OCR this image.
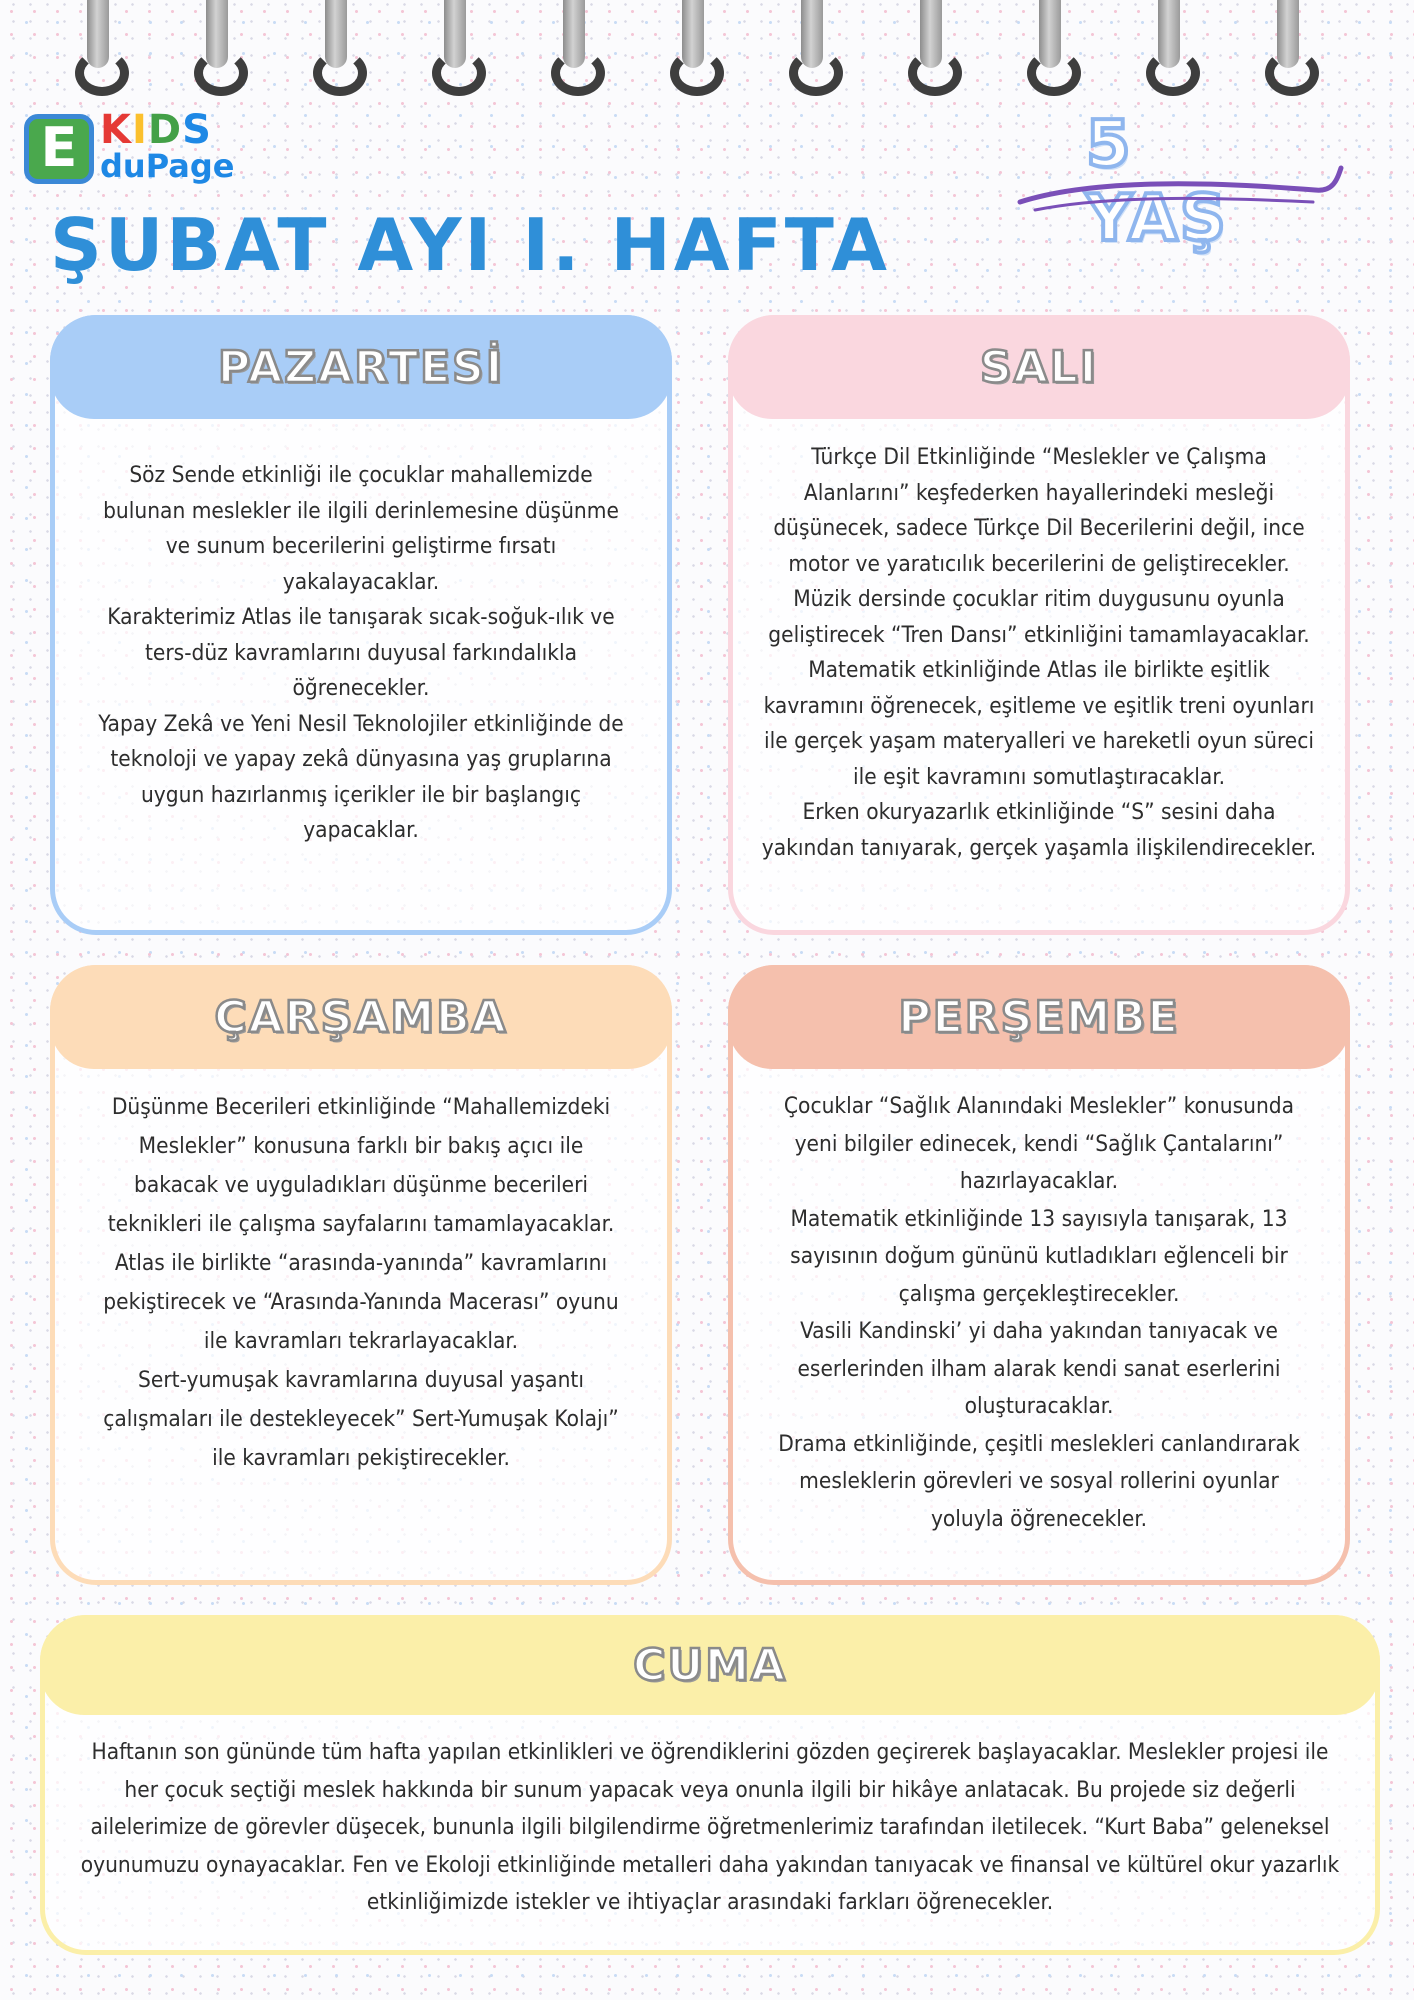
E KIDS
duPage	5 YAŞ
ŞUBAT AYI I. HAFTA
PAZARTESİ

Söz Sende etkinliği ile çocuklar mahallemizde bulunan meslekler ile ilgili derinlemesine düşünme ve sunum becerilerini geliştirme fırsatı yakalayacaklar.

Karakterimiz Atlas ile tanışarak sıcak-soğuk-ılık ve ters-düz kavramlarını duyusal farkındalıkla öğrenecekler.

Yapay Zekâ ve Yeni Nesil Teknolojiler etkinliğinde de teknoloji ve yapay zekâ dünyasına yaş gruplarına uygun hazırlanmış içerikler ile bir başlangıç yapacaklar.

SALI

Türkçe Dil Etkinliğinde “Meslekler ve Çalışma Alanlarını” keşfederken hayallerindeki mesleği düşünecek, sadece Türkçe Dil Becerilerini değil, ince motor ve yaratıcılık becerilerini de geliştirecekler.

Müzik dersinde çocuklar ritim duygusunu oyunla geliştirecek “Tren Dansı” etkinliğini tamamlayacaklar.

Matematik etkinliğinde Atlas ile birlikte eşitlik kavramını öğrenecek, eşitleme ve eşitlik treni oyunları ile gerçek yaşam materyalleri ve hareketli oyun süreci ile eşit kavramını somutlaştıracaklar.

Erken okuryazarlık etkinliğinde “S” sesini daha yakından tanıyarak, gerçek yaşamla ilişkilendirecekler.

ÇARŞAMBA

Düşünme Becerileri etkinliğinde “Mahallemizdeki Meslekler” konusuna farklı bir bakış açıcı ile bakacak ve uyguladıkları düşünme becerileri teknikleri ile çalışma sayfalarını tamamlayacaklar.

Atlas ile birlikte “arasında-yanında” kavramlarını pekiştirecek ve “Arasında-Yanında Macerası” oyunu ile kavramları tekrarlayacaklar.

Sert-yumuşak kavramlarına duyusal yaşantı çalışmaları ile destekleyecek” Sert-Yumuşak Kolajı” ile kavramları pekiştirecekler.

PERŞEMBE

Çocuklar “Sağlık Alanındaki Meslekler” konusunda yeni bilgiler edinecek, kendi “Sağlık Çantalarını” hazırlayacaklar.

Matematik etkinliğinde 13 sayısıyla tanışarak, 13 sayısının doğum gününü kutladıkları eğlenceli bir çalışma gerçekleştirecekler.

Vasili Kandinski’ yi daha yakından tanıyacak ve eserlerinden ilham alarak kendi sanat eserlerini oluşturacaklar.

Drama etkinliğinde, çeşitli meslekleri canlandırarak mesleklerin görevleri ve sosyal rollerini oyunlar yoluyla öğrenecekler.

CUMA

Haftanın son gününde tüm hafta yapılan etkinlikleri ve öğrendiklerini gözden geçirerek başlayacaklar. Meslekler projesi ile her çocuk seçtiği meslek hakkında bir sunum yapacak veya onunla ilgili bir hikâye anlatacak. Bu projede siz değerli ailelerimize de görevler düşecek, bununla ilgili bilgilendirme öğretmenlerimiz tarafından iletilecek. “Kurt Baba” geleneksel oyunumuzu oynayacaklar. Fen ve Ekoloji etkinliğinde metalleri daha yakından tanıyacak ve finansal ve kültürel okur yazarlık etkinliğimizde istekler ve ihtiyaçlar arasındaki farkları öğrenecekler.
